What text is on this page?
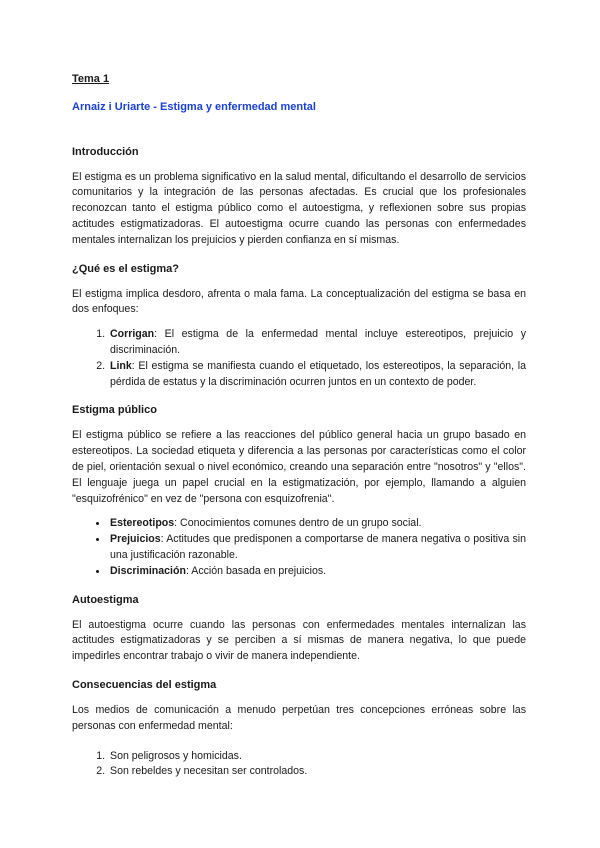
Tema 1
Arnaiz i Uriarte - Estigma y enfermedad mental
Introducción

El estigma es un problema significativo en la salud mental, dificultando el desarrollo de servicios comunitarios y la integración de las personas afectadas. Es crucial que los profesionales reconozcan tanto el estigma público como el autoestigma, y reflexionen sobre sus propias actitudes estigmatizadoras. El autoestigma ocurre cuando las personas con enfermedades mentales internalizan los prejuicios y pierden confianza en sí mismas.

¿Qué es el estigma?

El estigma implica desdoro, afrenta o mala fama. La conceptualización del estigma se basa en dos enfoques:

1. Corrigan: El estigma de la enfermedad mental incluye estereotipos, prejuicio y discriminación.
2. Link: El estigma se manifiesta cuando el etiquetado, los estereotipos, la separación, la pérdida de estatus y la discriminación ocurren juntos en un contexto de poder.
Estigma público

El estigma público se refiere a las reacciones del público general hacia un grupo basado en estereotipos. La sociedad etiqueta y diferencia a las personas por características como el color de piel, orientación sexual o nivel económico, creando una separación entre "nosotros" y "ellos". El lenguaje juega un papel crucial en la estigmatización, por ejemplo, llamando a alguien "esquizofrénico" en vez de "persona con esquizofrenia".

• Estereotipos: Conocimientos comunes dentro de un grupo social.
• Prejuicios: Actitudes que predisponen a comportarse de manera negativa o positiva sin una justificación razonable.
• Discriminación: Acción basada en prejuicios.
Autoestigma

El autoestigma ocurre cuando las personas con enfermedades mentales internalizan las actitudes estigmatizadoras y se perciben a sí mismas de manera negativa, lo que puede impedirles encontrar trabajo o vivir de manera independiente.

Consecuencias del estigma

Los medios de comunicación a menudo perpetúan tres concepciones erróneas sobre las personas con enfermedad mental:

1. Son peligrosos y homicidas.
2. Son rebeldes y necesitan ser controlados.
